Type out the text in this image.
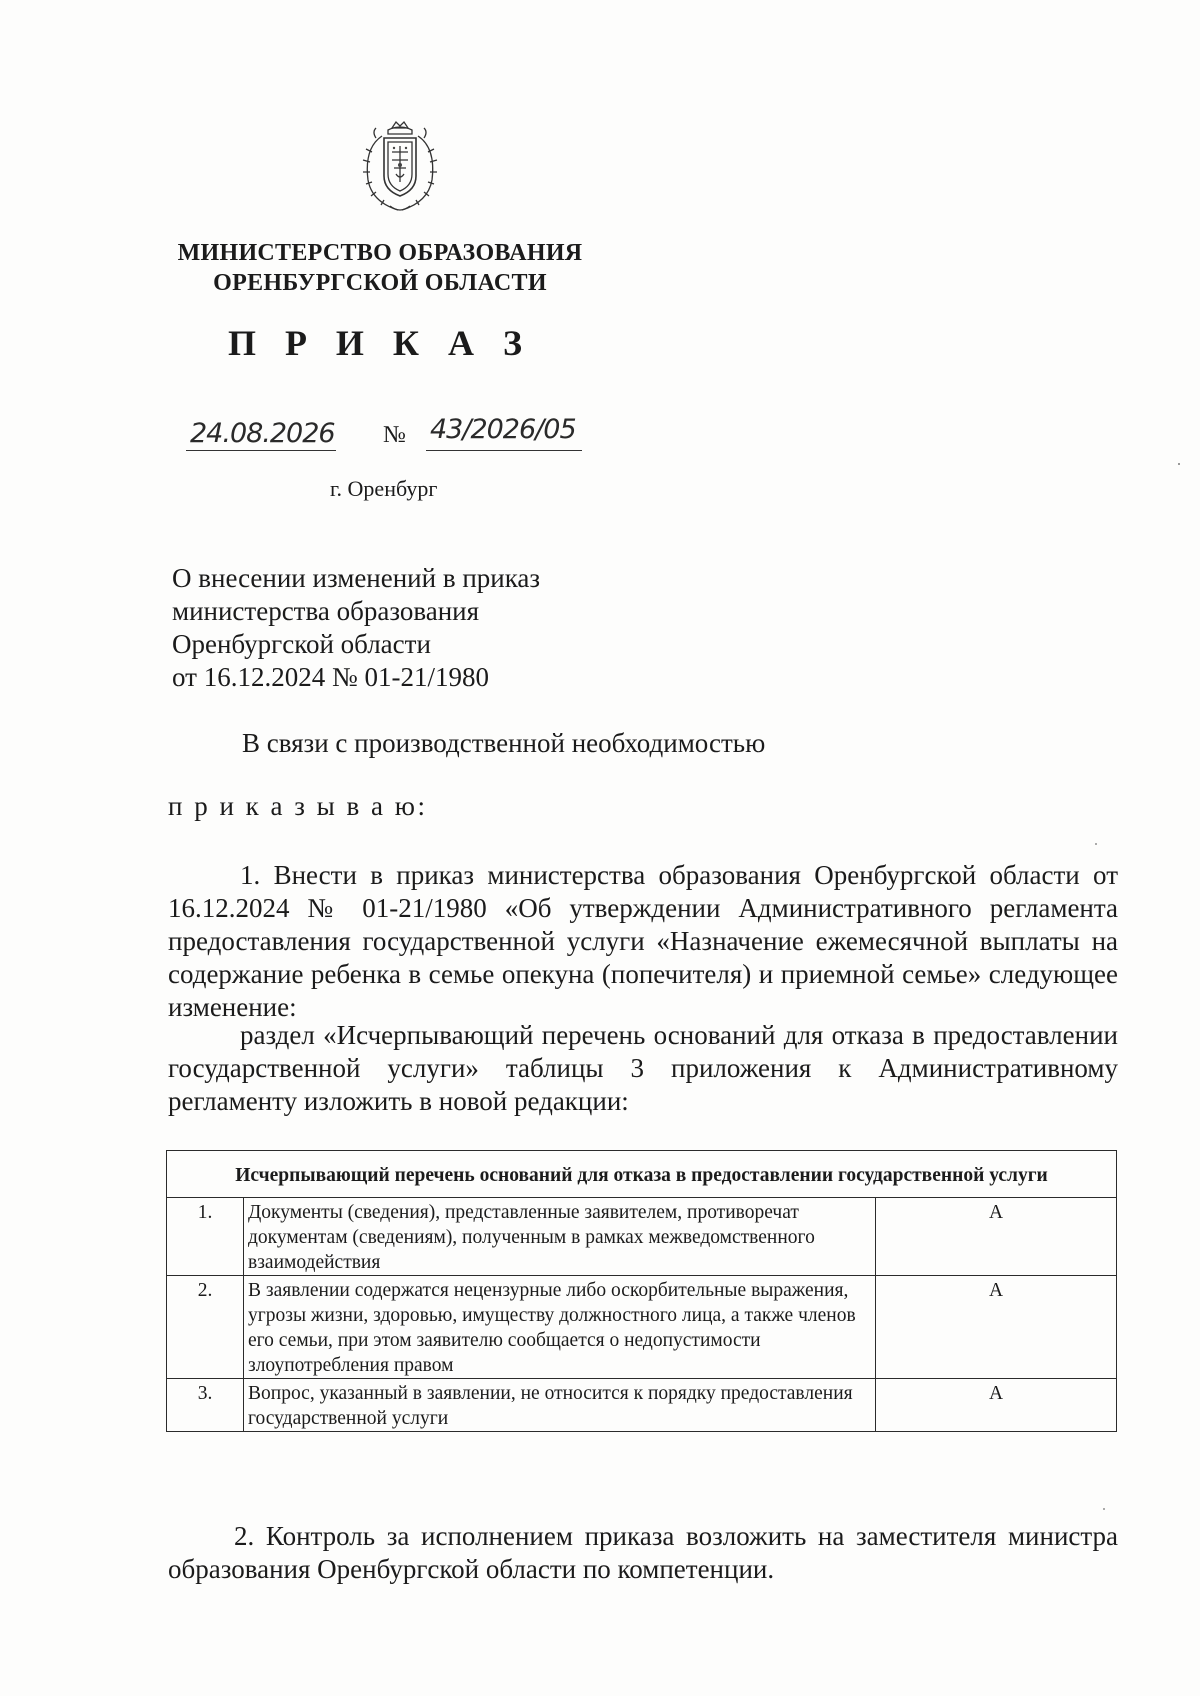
МИНИСТЕРСТВО ОБРАЗОВАНИЯ
ОРЕНБУРГСКОЙ ОБЛАСТИ
П Р И К А З
24.08.2026 № 43/2026/05
г. Оренбург
О внесении изменений в приказ
министерства образования
Оренбургской области
от 16.12.2024 № 01-21/1980
В связи с производственной необходимостью
п р и к а з ы в а ю:
1. Внести в приказ министерства образования Оренбургской области от 16.12.2024 № 01-21/1980 «Об утверждении Административного регламента предоставления государственной услуги «Назначение ежемесячной выплаты на содержание ребенка в семье опекуна (попечителя) и приемной семье» следующее изменение:
раздел «Исчерпывающий перечень оснований для отказа в предоставлении государственной услуги» таблицы 3 приложения к Административному регламенту изложить в новой редакции:
Исчерпывающий перечень оснований для отказа в предоставлении государственной услуги		
1.	Документы (сведения), представленные заявителем, противоречат документам (сведениям), полученным в рамках межведомственного взаимодействия	А
2.	В заявлении содержатся нецензурные либо оскорбительные выражения, угрозы жизни, здоровью, имуществу должностного лица, а также членов его семьи, при этом заявителю сообщается о недопустимости злоупотребления правом	А
3.	Вопрос, указанный в заявлении, не относится к порядку предоставления государственной услуги	А
2. Контроль за исполнением приказа возложить на заместителя министра образования Оренбургской области по компетенции.
